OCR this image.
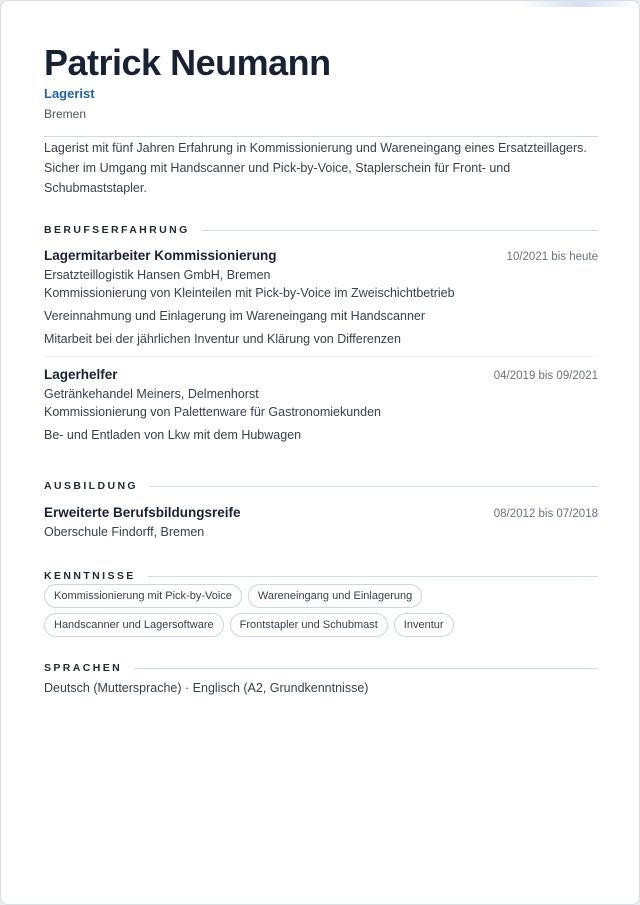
Patrick Neumann
Lagerist
Bremen
Lagerist mit fünf Jahren Erfahrung in Kommissionierung und Wareneingang eines Ersatzteillagers. Sicher im Umgang mit Handscanner und Pick-by-Voice, Staplerschein für Front- und Schubmaststapler.
BERUFSERFAHRUNG
Lagermitarbeiter Kommissionierung	10/2021 bis heute
Ersatzteillogistik Hansen GmbH, Bremen
Kommissionierung von Kleinteilen mit Pick-by-Voice im Zweischichtbetrieb
Vereinnahmung und Einlagerung im Wareneingang mit Handscanner
Mitarbeit bei der jährlichen Inventur und Klärung von Differenzen
Lagerhelfer	04/2019 bis 09/2021
Getränkehandel Meiners, Delmenhorst
Kommissionierung von Palettenware für Gastronomiekunden
Be- und Entladen von Lkw mit dem Hubwagen
AUSBILDUNG
Erweiterte Berufsbildungsreife	08/2012 bis 07/2018
Oberschule Findorff, Bremen
KENNTNISSE
Kommissionierung mit Pick-by-Voice	Wareneingang und Einlagerung
Handscanner und Lagersoftware	Frontstapler und Schubmast	Inventur
SPRACHEN
Deutsch (Muttersprache) · Englisch (A2, Grundkenntnisse)
